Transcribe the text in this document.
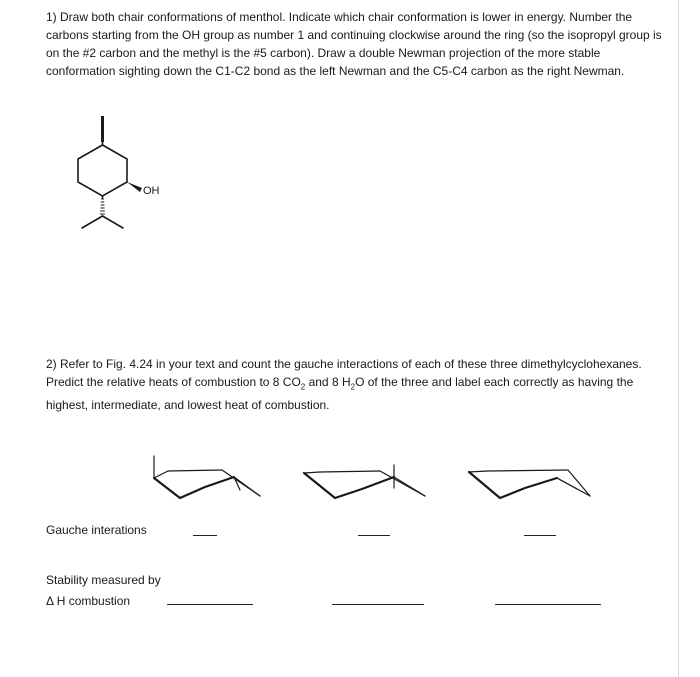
1) Draw both chair conformations of menthol. Indicate which chair conformation is lower in energy. Number the carbons starting from the OH group as number 1 and continuing clockwise around the ring (so the isopropyl group is on the #2 carbon and the methyl is the #5 carbon). Draw a double Newman projection of the more stable conformation sighting down the C1-C2 bond as the left Newman and the C5-C4 carbon as the right Newman.

OH

2) Refer to Fig. 4.24 in your text and count the gauche interactions of each of these three dimethylcyclohexanes. Predict the relative heats of combustion to 8 $CO_2$ and 8 $H_2O$ of the three and label each correctly as having the highest, intermediate, and lowest heat of combustion.

Gauche interations
Stability measured by
Δ H combustion
